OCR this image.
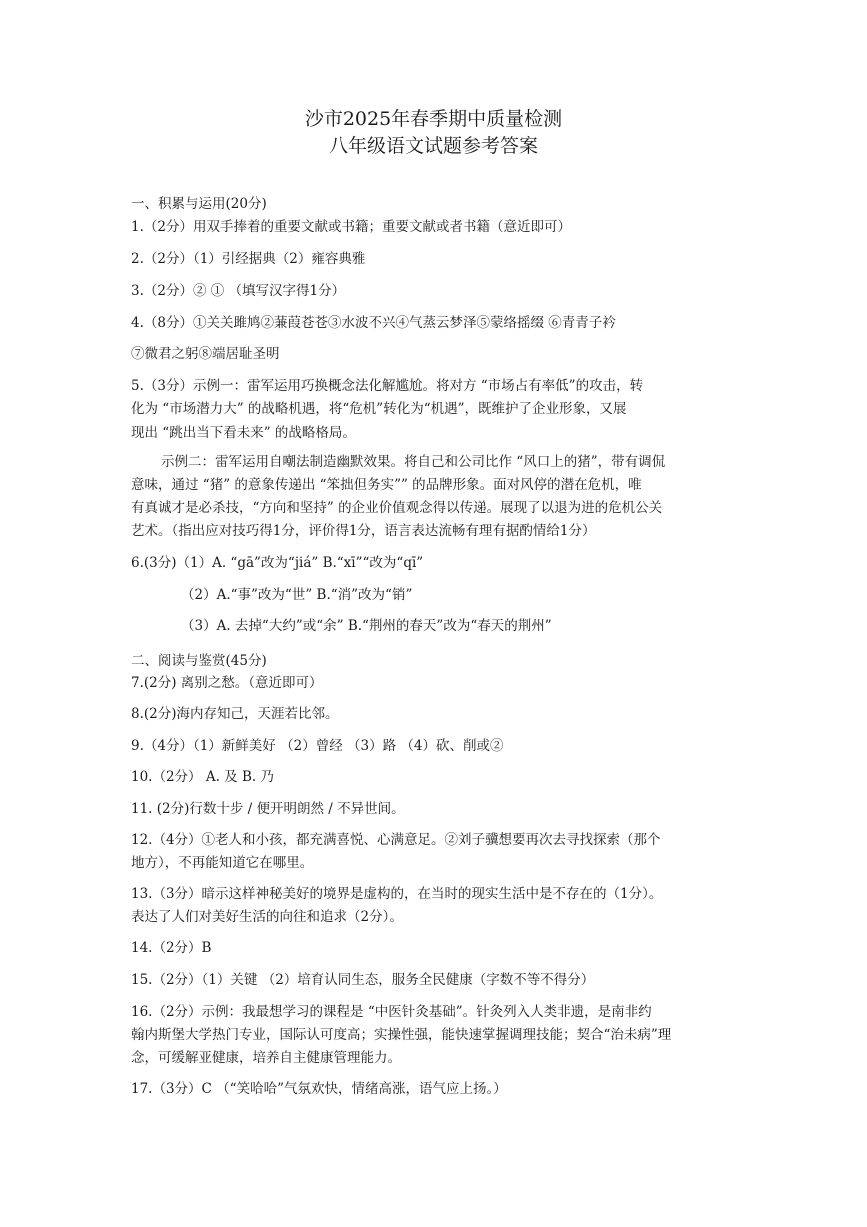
沙市2025年春季期中质量检测
八年级语文试题参考答案
一、积累与运用(20分)
1.（2分）用双手捧着的重要文献或书籍；重要文献或者书籍（意近即可）
2.（2分）（1）引经据典（2）雍容典雅
3.（2分）② ① （填写汉字得1分）
4.（8分）①关关雎鸠②蒹葭苍苍③水波不兴④气蒸云梦泽⑤蒙络摇缀 ⑥青青子衿
⑦微君之躬⑧端居耻圣明
5.（3分）示例一：雷军运用巧换概念法化解尴尬。将对方 “市场占有率低”的攻击，转
化为 “市场潜力大” 的战略机遇，将“危机”转化为“机遇”，既维护了企业形象，又展
现出 “跳出当下看未来” 的战略格局。
示例二：雷军运用自嘲法制造幽默效果。将自己和公司比作 “风口上的猪”，带有调侃
意味，通过 “猪” 的意象传递出 “笨拙但务实”” 的品牌形象。面对风停的潜在危机，唯
有真诚才是必杀技，“方向和坚持” 的企业价值观念得以传递。展现了以退为进的危机公关
艺术。（指出应对技巧得1分，评价得1分，语言表达流畅有理有据酌情给1分）
6.(3分)（1）A. “gā”改为“jiá” B.“xī”“改为“qī”
（2）A.“事”改为“世” B.“消”改为“销”
（3）A. 去掉“大约”或“余” B.“荆州的春天”改为“春天的荆州”
二、阅读与鉴赏(45分)
7.(2分) 离别之愁。（意近即可）
8.(2分)海内存知己，天涯若比邻。
9.（4分）（1）新鲜美好 （2）曾经 （3）路 （4）砍、削或②
10.（2分） A. 及 B. 乃
11. (2分)行数十步 / 便开明朗然 / 不异世间。
12.（4分）①老人和小孩，都充满喜悦、心满意足。②刘子骥想要再次去寻找探索（那个
地方），不再能知道它在哪里。
13.（3分）暗示这样神秘美好的境界是虚构的，在当时的现实生活中是不存在的（1分）。
表达了人们对美好生活的向往和追求（2分）。
14.（2分）B
15.（2分）（1）关键 （2）培育认同生态，服务全民健康（字数不等不得分）
16.（2分）示例：我最想学习的课程是 “中医针灸基础”。针灸列入人类非遗，是南非约
翰内斯堡大学热门专业，国际认可度高；实操性强，能快速掌握调理技能；契合“治未病”理
念，可缓解亚健康，培养自主健康管理能力。
17.（3分）C （“笑哈哈”气氛欢快，情绪高涨，语气应上扬。）
